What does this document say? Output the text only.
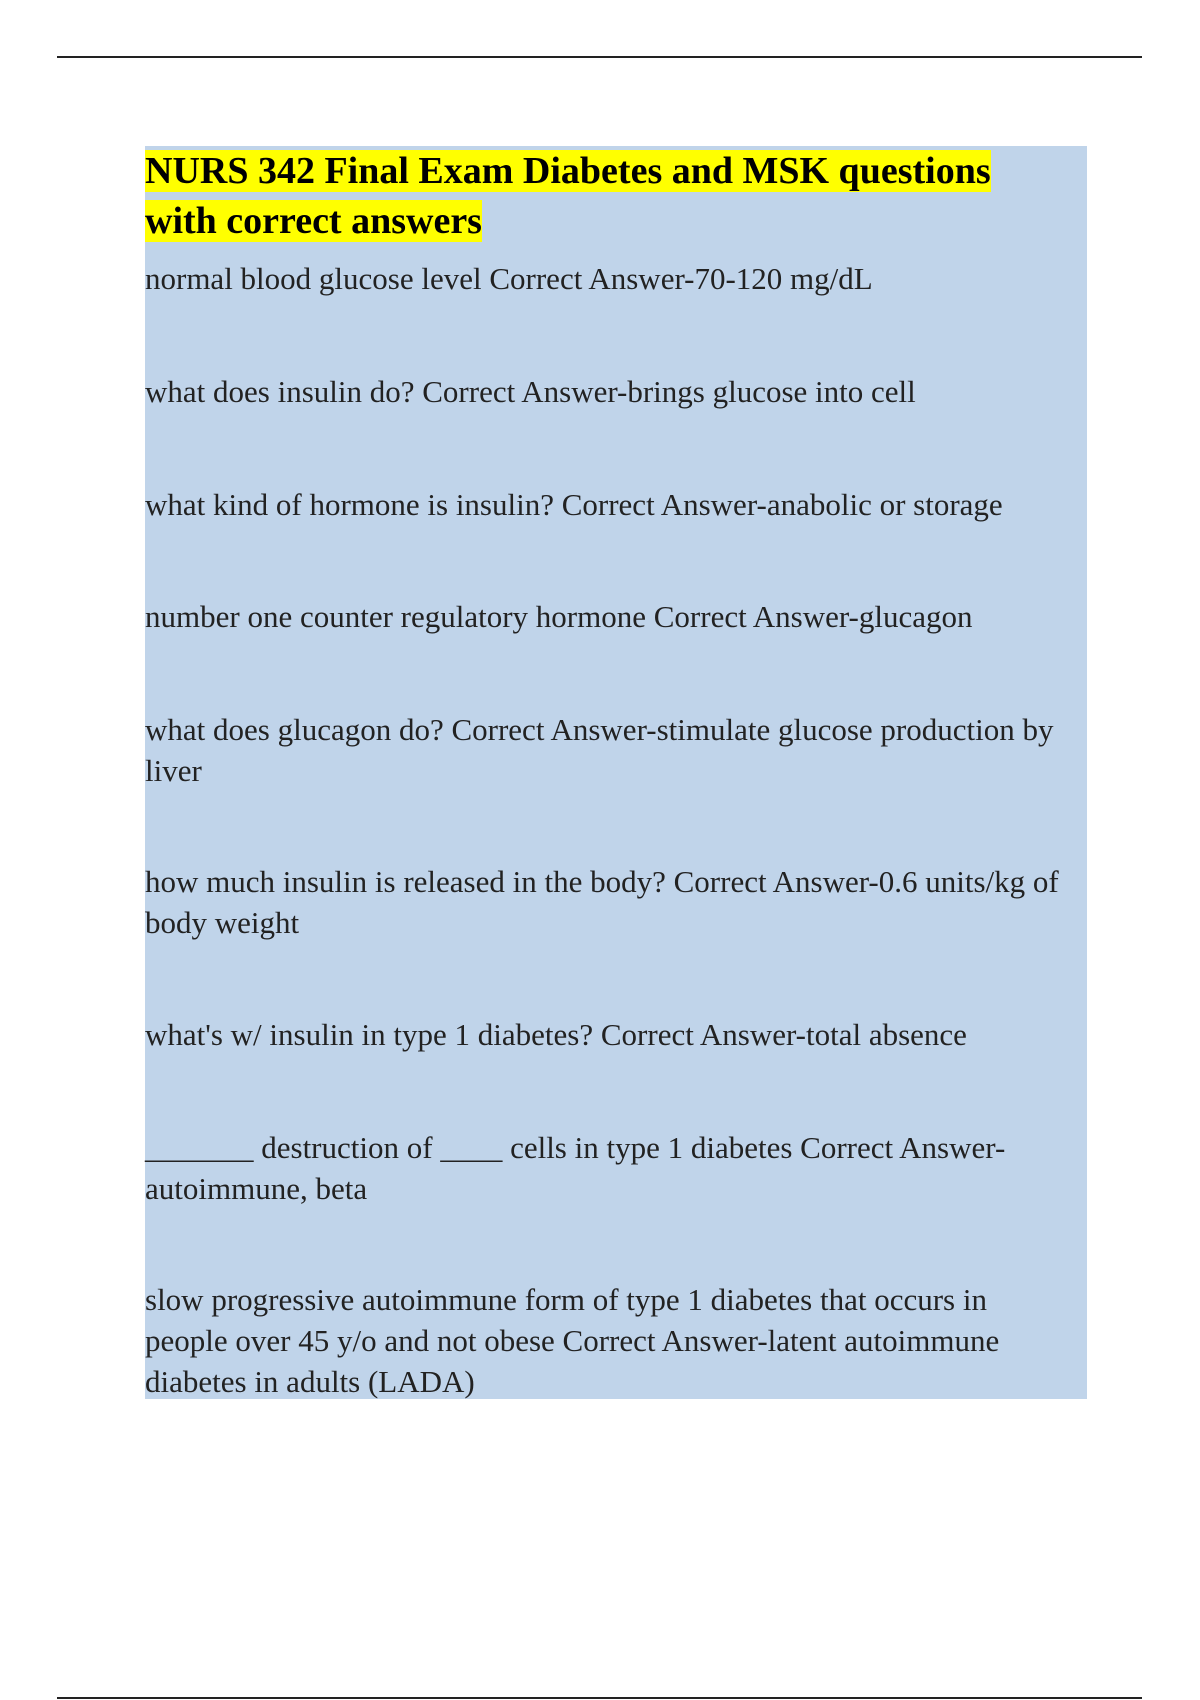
NURS 342 Final Exam Diabetes and MSK questions with correct answers

normal blood glucose level Correct Answer-70-120 mg/dL

what does insulin do? Correct Answer-brings glucose into cell

what kind of hormone is insulin? Correct Answer-anabolic or storage

number one counter regulatory hormone Correct Answer-glucagon

what does glucagon do? Correct Answer-stimulate glucose production by liver

how much insulin is released in the body? Correct Answer-0.6 units/kg of body weight

what's w/ insulin in type 1 diabetes? Correct Answer-total absence

_______ destruction of ____ cells in type 1 diabetes Correct Answer-autoimmune, beta

slow progressive autoimmune form of type 1 diabetes that occurs in people over 45 y/o and not obese Correct Answer-latent autoimmune diabetes in adults (LADA)
